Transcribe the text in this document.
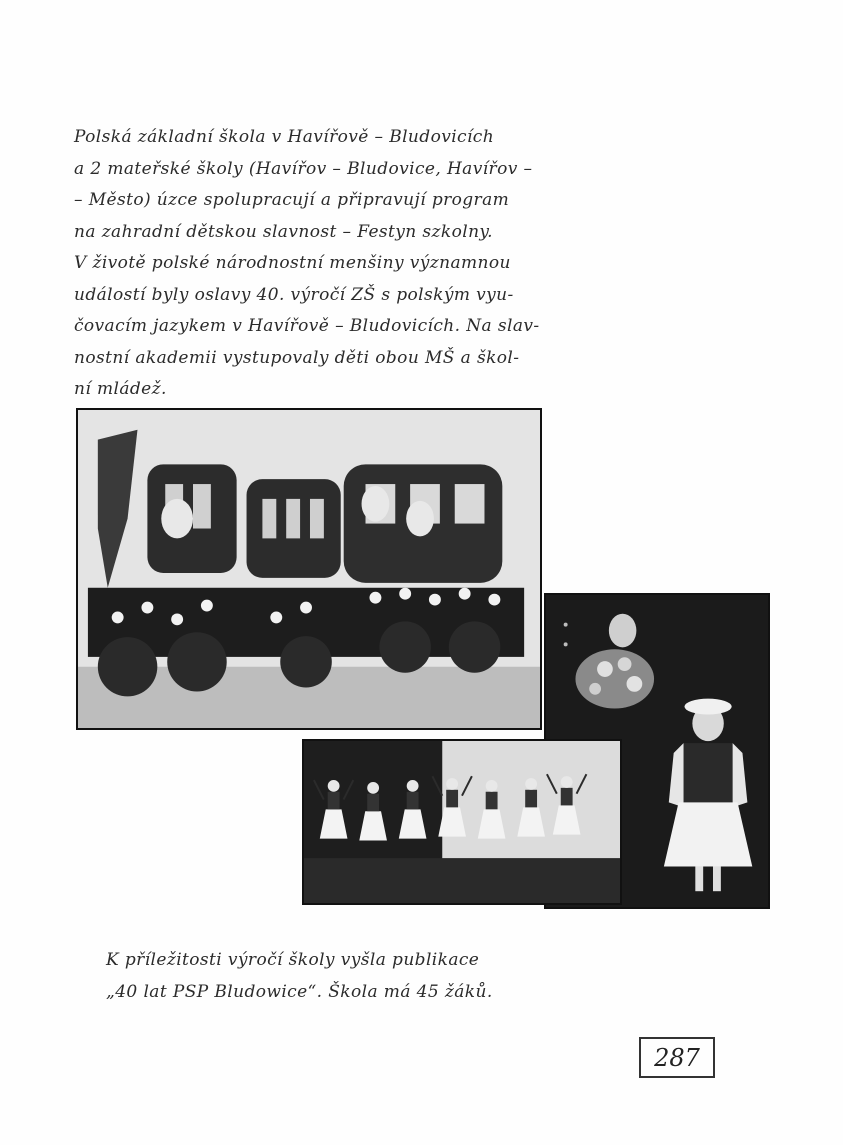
Polská základní škola v Havířově – Bludovicích
a 2 mateřské školy (Havířov – Bludovice, Havířov –
– Město) úzce spolupracují a připravují program
na zahradní dětskou slavnost – Festyn szkolny.
V životě polské národnostní menšiny významnou
událostí byly oslavy 40. výročí ZŠ s polským vyu-
čovacím jazykem v Havířově – Bludovicích. Na slav-
nostní akademii vystupovaly děti obou MŠ a škol-
ní mládež.
K příležitosti výročí školy vyšla publikace
„40 lat PSP Bludowice“. Škola má 45 žáků.
287
